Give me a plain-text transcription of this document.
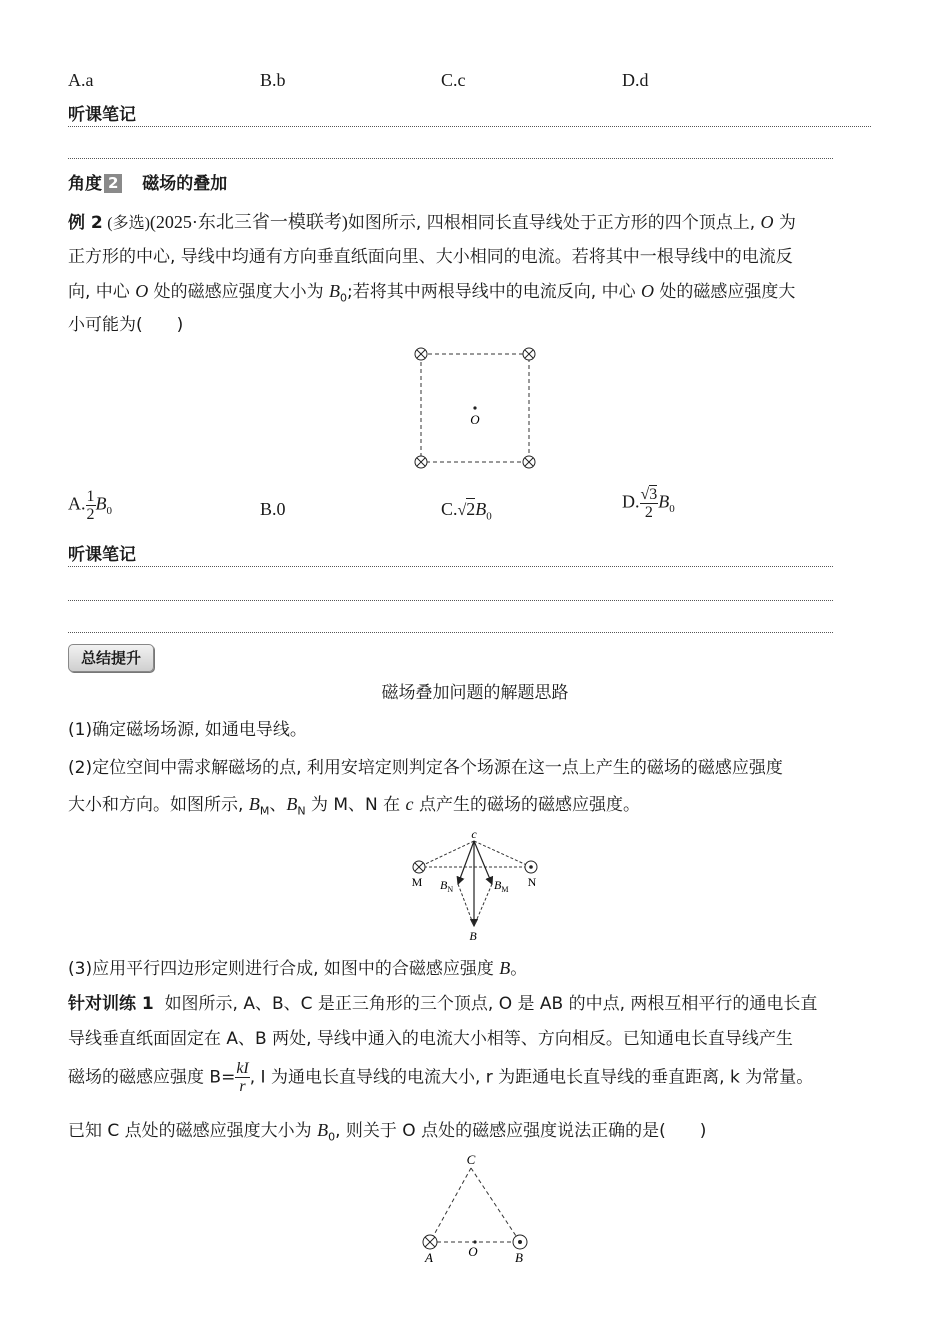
A.a	B.b	C.c	D.d
听课笔记
角度 2 磁场的叠加
例 2 (多选)(2025·东北三省一模联考)如图所示, 四根相同长直导线处于正方形的四个顶点上, O 为
正方形的中心, 导线中均通有方向垂直纸面向里、大小相同的电流。若将其中一根导线中的电流反
向, 中心 O 处的磁感应强度大小为 $B_0$;若将其中两根导线中的电流反向, 中心 O 处的磁感应强度大
小可能为(　　)
O
A. $\frac{1}{2} B_0$	B.0	$C.√2B_0$
D. $\frac{√3}{2} B_0$
听课笔记
总结提升
磁场叠加问题的解题思路
(1)确定磁场场源, 如通电导线。
(2)定位空间中需求解磁场的点, 利用安培定则判定各个场源在这一点上产生的磁场的磁感应强度
大小和方向。如图所示, $B_M$、$B_N$ 为 M、N 在 c 点产生的磁场的磁感应强度。
c
M	N
$B_N$	$B_M$
B
(3)应用平行四边形定则进行合成, 如图中的合磁感应强度 B。
针对训练 1 如图所示, A、B、C 是正三角形的三个顶点, O 是 AB 的中点, 两根互相平行的通电长直
导线垂直纸面固定在 A、B 两处, 导线中通入的电流大小相等、方向相反。已知通电长直导线产生
磁场的磁感应强度 $B= \frac{kI}{r}$ , I 为通电长直导线的电流大小, r 为距通电长直导线的垂直距离, k 为常量。
已知 C 点处的磁感应强度大小为 $B_0$, 则关于 O 点处的磁感应强度说法正确的是(　　)
C
A	O	B
